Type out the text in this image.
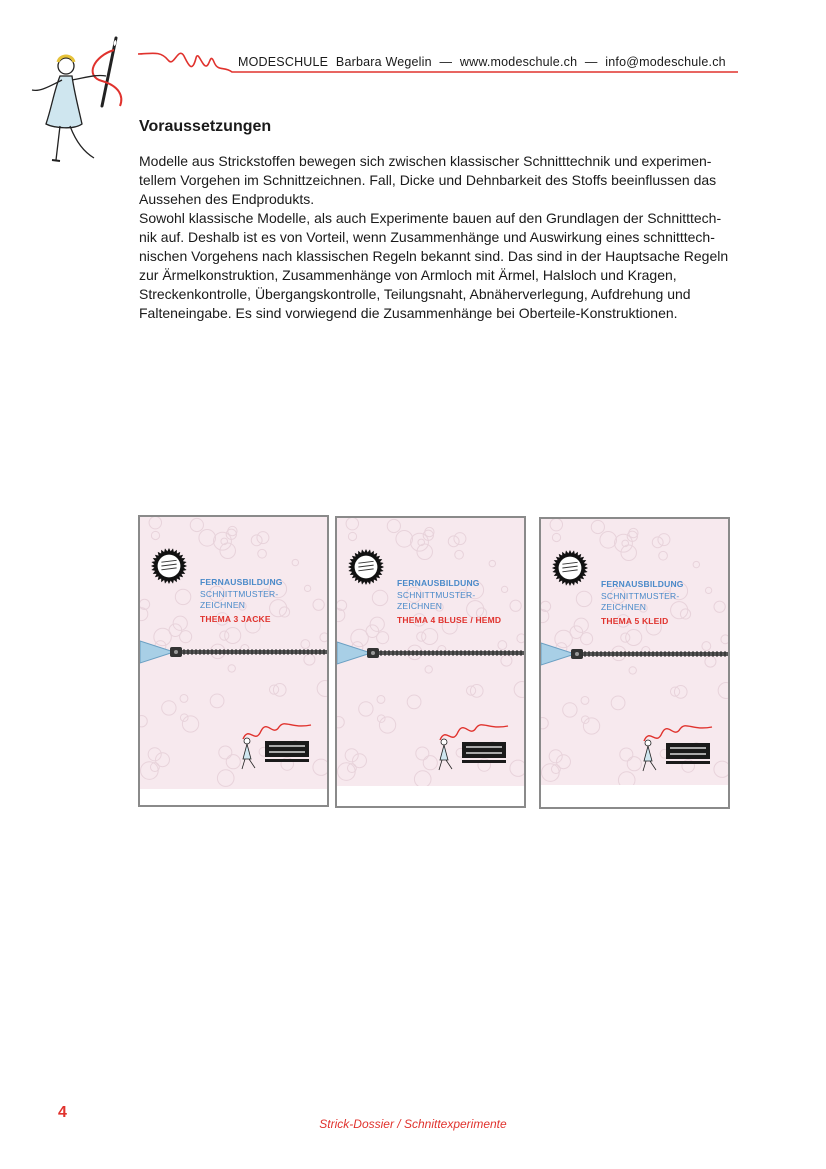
MODESCHULE Barbara Wegelin — www.modeschule.ch — info@modeschule.ch
Voraussetzungen

Modelle aus Strickstoffen bewegen sich zwischen klassischer Schnitttechnik und experimen-tellem Vorgehen im Schnittzeichnen. Fall, Dicke und Dehnbarkeit des Stoffs beeinflussen das Aussehen des Endprodukts.

Sowohl klassische Modelle, als auch Experimente bauen auf den Grundlagen der Schnitttech-nik auf. Deshalb ist es von Vorteil, wenn Zusammenhänge und Auswirkung eines schnitttech-nischen Vorgehens nach klassischen Regeln bekannt sind. Das sind in der Hauptsache Regeln zur Ärmelkonstruktion, Zusammenhänge von Armloch mit Ärmel, Halsloch und Kragen, Streckenkontrolle, Übergangskontrolle, Teilungsnaht, Abnäherverlegung, Aufdrehung und Falteneingabe. Es sind vorwiegend die Zusammenhänge bei Oberteile-Konstruktionen.

FERNAUSBILDUNG
SCHNITTMUSTER-ZEICHNEN
THEMA 3 JACKE
FERNAUSBILDUNG
SCHNITTMUSTER-ZEICHNEN
THEMA 4 BLUSE / HEMD
FERNAUSBILDUNG
SCHNITTMUSTER-ZEICHNEN
THEMA 5 KLEID

4

Strick-Dossier / Schnittexperimente
